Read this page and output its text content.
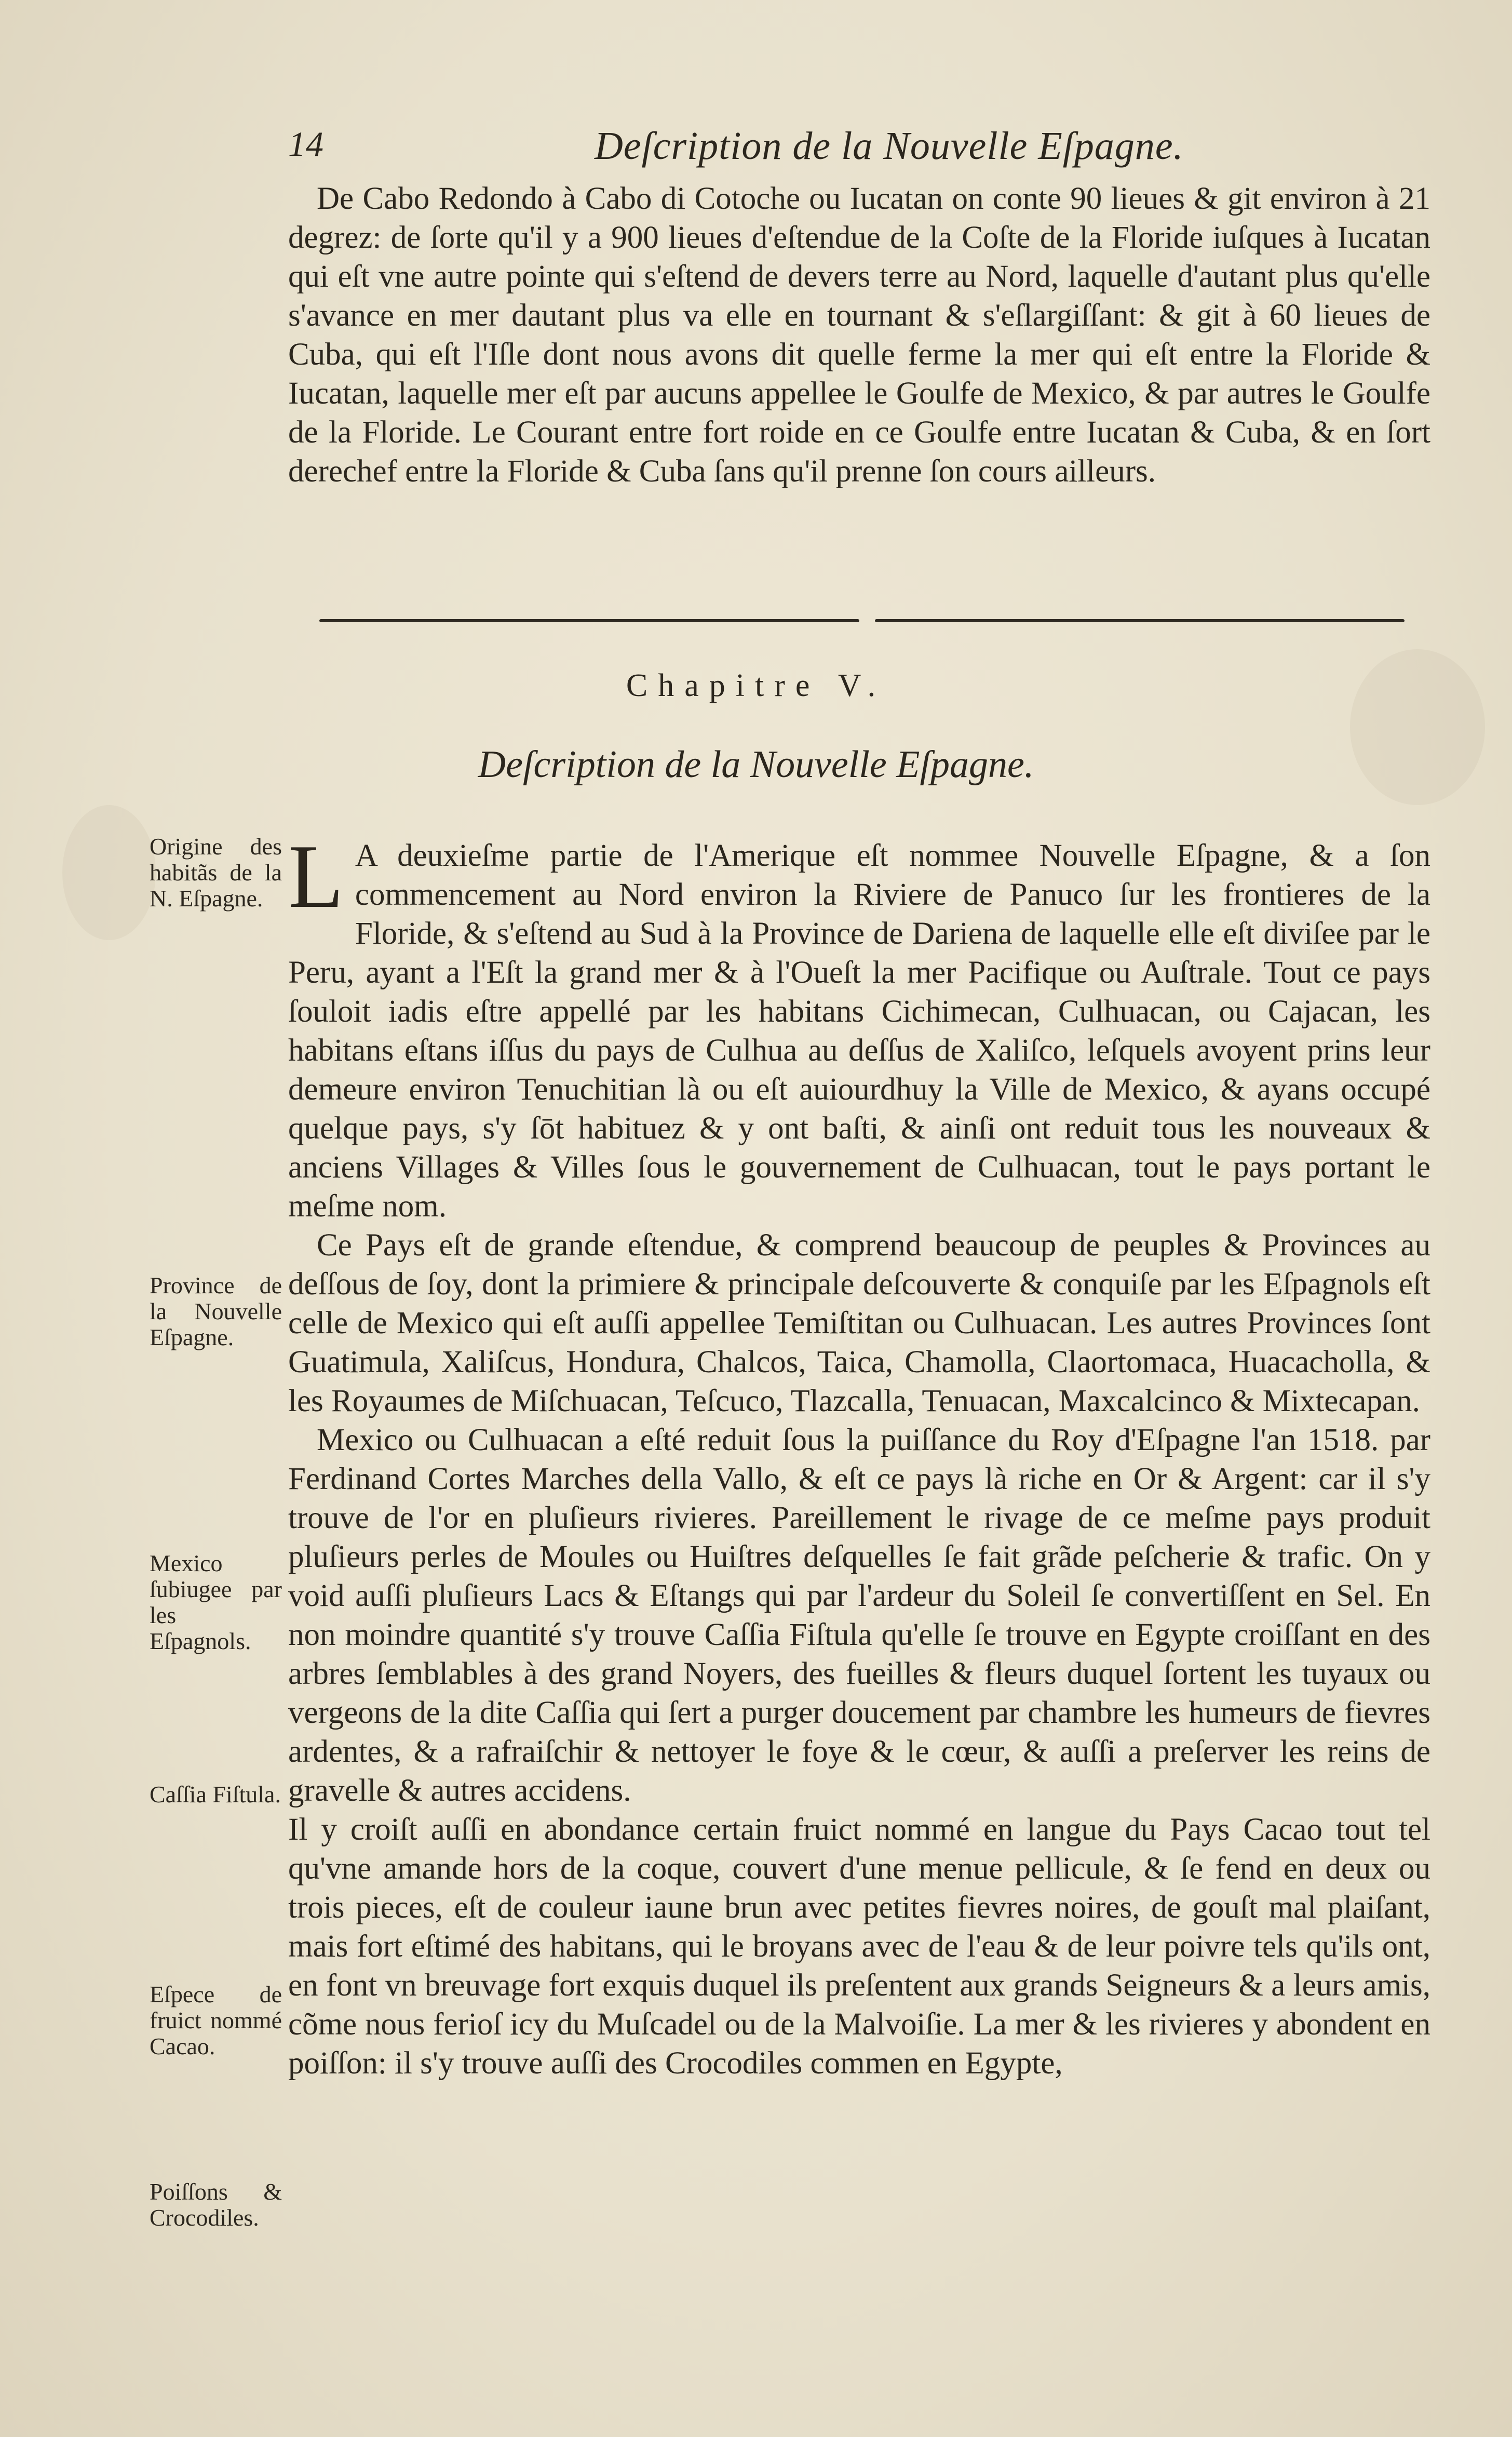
14	Deſcription de la Nouvelle Eſpagne.

De Cabo Redondo à Cabo di Cotoche ou Iucatan on conte 90 lieues & git environ à 21 degrez: de ſorte qu'il y a 900 lieues d'eſtendue de la Coſte de la Floride iuſques à Iucatan qui eſt vne autre pointe qui s'eſtend de devers terre au Nord, laquelle d'autant plus qu'elle s'avance en mer dautant plus va elle en tournant & s'eſlargiſſant: & git à 60 lieues de Cuba, qui eſt l'Iſle dont nous avons dit quelle ferme la mer qui eſt entre la Floride & Iucatan, laquelle mer eſt par aucuns appellee le Goulfe de Mexico, & par autres le Goulfe de la Floride. Le Courant entre fort roide en ce Goulfe entre Iucatan & Cuba, & en ſort derechef entre la Floride & Cuba ſans qu'il prenne ſon cours ailleurs.

Chapitre V.
Deſcription de la Nouvelle Eſpagne.

L A deuxieſme partie de l'Amerique eſt nommee Nouvelle Eſpagne, & a ſon commencement au Nord environ la Riviere de Panuco ſur les frontieres de la Floride, & s'eſtend au Sud à la Province de Dariena de laquelle elle eſt diviſee par le Peru, ayant a l'Eſt la grand mer & à l'Oueſt la mer Pacifique ou Auſtrale. Tout ce pays ſouloit iadis eſtre appellé par les habitans Cichimecan, Culhuacan, ou Cajacan, les habitans eſtans iſſus du pays de Culhua au deſſus de Xaliſco, leſquels avoyent prins leur demeure environ Tenuchitian là ou eſt auiourdhuy la Ville de Mexico, & ayans occupé quelque pays, s'y ſōt habituez & y ont baſti, & ainſi ont reduit tous les nouveaux & anciens Villages & Villes ſous le gouvernement de Culhuacan, tout le pays portant le meſme nom.

Ce Pays eſt de grande eſtendue, & comprend beaucoup de peuples & Provinces au deſſous de ſoy, dont la primiere & principale deſcouverte & conquiſe par les Eſpagnols eſt celle de Mexico qui eſt auſſi appellee Temiſtitan ou Culhuacan. Les autres Provinces ſont Guatimula, Xaliſcus, Hondura, Chalcos, Taica, Chamolla, Claortomaca, Huacacholla, & les Royaumes de Miſchuacan, Teſcuco, Tlazcalla, Tenuacan, Maxcalcinco & Mixtecapan.

Mexico ou Culhuacan a eſté reduit ſous la puiſſance du Roy d'Eſpagne l'an 1518. par Ferdinand Cortes Marches della Vallo, & eſt ce pays là riche en Or & Argent: car il s'y trouve de l'or en pluſieurs rivieres. Pareillement le rivage de ce meſme pays produit pluſieurs perles de Moules ou Huiſtres deſquelles ſe fait grãde peſcherie & trafic. On y void auſſi pluſieurs Lacs & Eſtangs qui par l'ardeur du Soleil ſe convertiſſent en Sel. En non moindre quantité s'y trouve Caſſia Fiſtula qu'elle ſe trouve en Egypte croiſſant en des arbres ſemblables à des grand Noyers, des fueilles & fleurs duquel ſortent les tuyaux ou vergeons de la dite Caſſia qui ſert a purger doucement par chambre les humeurs de fievres ardentes, & a rafraiſchir & nettoyer le foye & le cœur, & auſſi a preſerver les reins de gravelle & autres accidens.

Il y croiſt auſſi en abondance certain fruict nommé en langue du Pays Cacao tout tel qu'vne amande hors de la coque, couvert d'une menue pellicule, & ſe fend en deux ou trois pieces, eſt de couleur iaune brun avec petites fievres noires, de gouſt mal plaiſant, mais fort eſtimé des habitans, qui le broyans avec de l'eau & de leur poivre tels qu'ils ont, en font vn breuvage fort exquis duquel ils preſentent aux grands Seigneurs & a leurs amis, cõme nous ferioſ icy du Muſcadel ou de la Malvoiſie. La mer & les rivieres y abondent en poiſſon: il s'y trouve auſſi des Crocodiles commen en Egypte,

Origine des habitãs de la N. Eſpagne.

Province de la Nouvelle Eſpagne.

Mexico ſubiugee par les Eſpagnols.

Caſſia Fiſtula.

Eſpece de fruict nommé Cacao.

Poiſſons & Crocodiles.
